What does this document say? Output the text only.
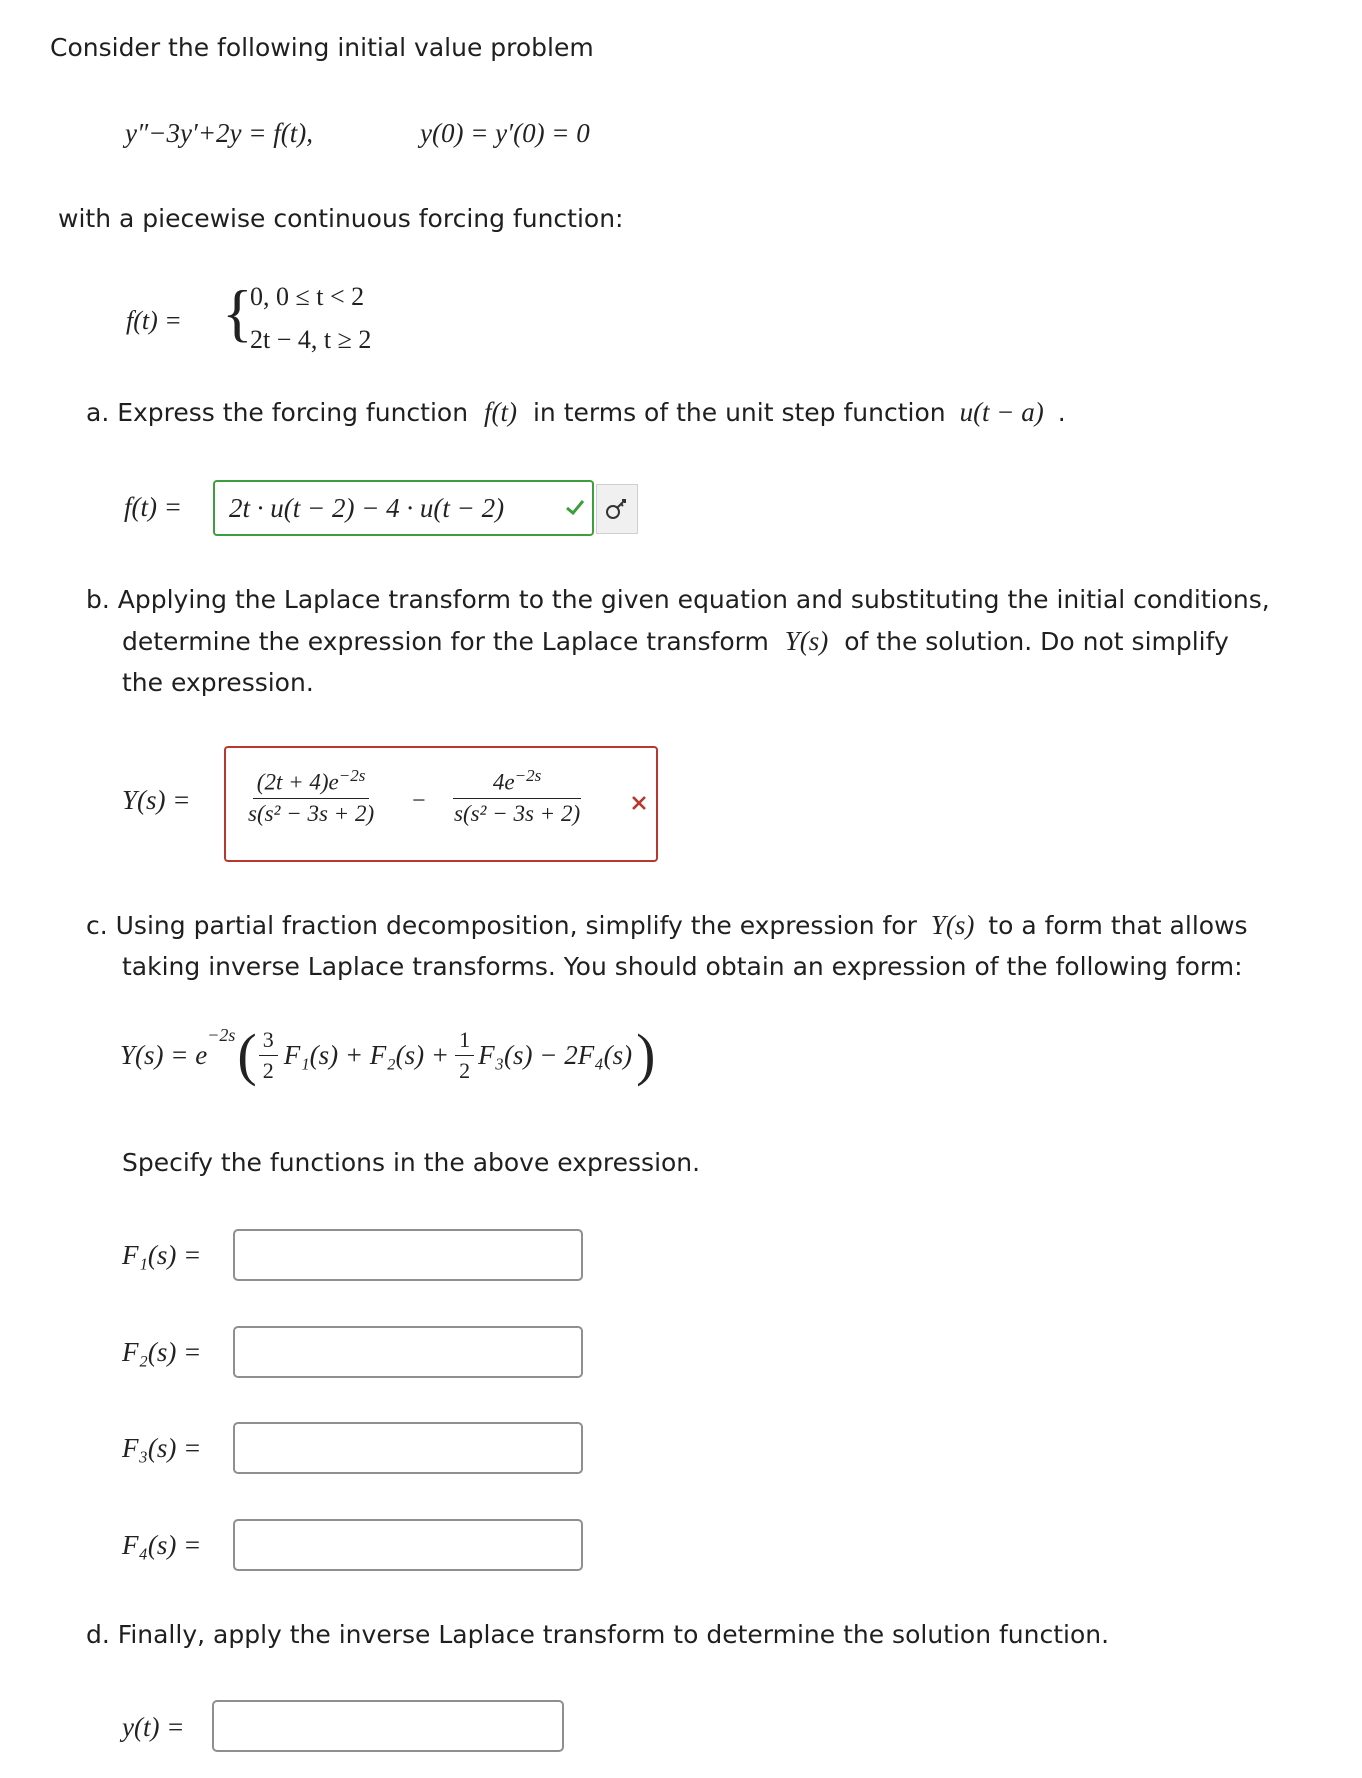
Consider the following initial value problem
y″−3y′+2y = f(t),	y(0) = y′(0) = 0
with a piecewise continuous forcing function:
f(t) = {
0, 0 ≤ t < 2
2t − 4, t ≥ 2
a. Express the forcing function f(t) in terms of the unit step function u(t − a) .
f(t) = 2t · u(t − 2) − 4 · u(t − 2)
b. Applying the Laplace transform to the given equation and substituting the initial conditions,
determine the expression for the Laplace transform Y(s) of the solution. Do not simplify
the expression.
$Y(s) = \frac{(2t + 4)e^{-2s}}{\text{s(s² − 3s + 2)}} - \frac{4e^{-2s}}{\text{s(s² − 3s + 2)}}$
c. Using partial fraction decomposition, simplify the expression for Y(s) to a form that allows
taking inverse Laplace transforms. You should obtain an expression of the following form:
Y(s) = e
$^{-2s}$ ( $\frac{3}{2} F_1(s) + F_2(s) + \frac{1}{2} F_3(s) - 2F_4(s)$ )
Specify the functions in the above expression.
F₁(s) =
F₂(s) =
F₃(s) =
F₄(s) =
d. Finally, apply the inverse Laplace transform to determine the solution function.
y(t) =
